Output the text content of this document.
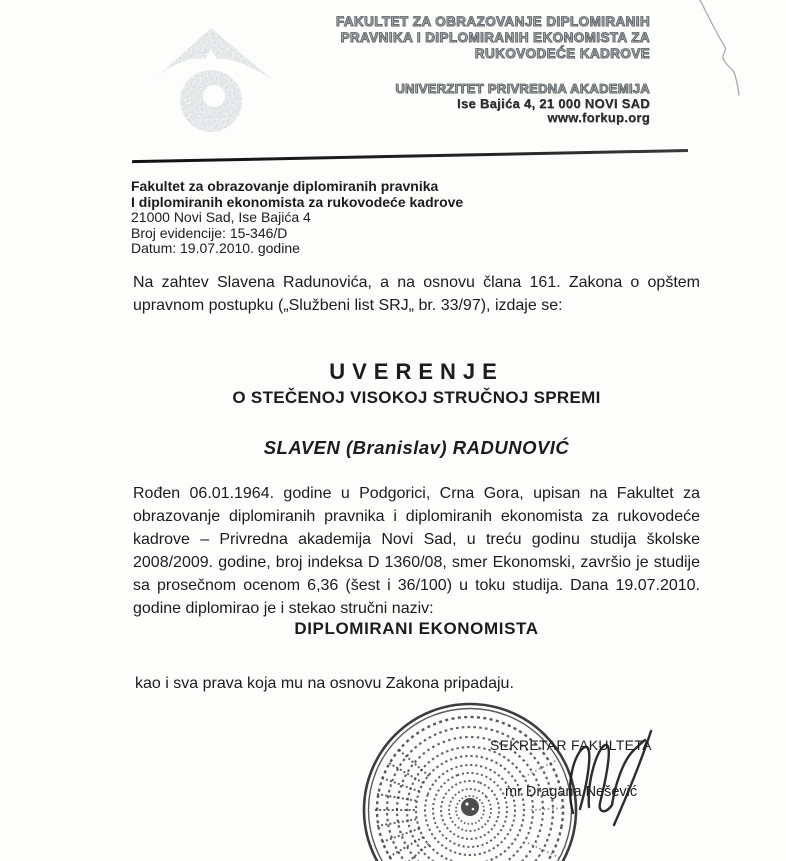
FAKULTET ZA OBRAZOVANJE DIPLOMIRANIH
PRAVNIKA I DIPLOMIRANIH EKONOMISTA ZA
RUKOVODEĆE KADROVE
UNIVERZITET PRIVREDNA AKADEMIJA
Ise Bajića 4, 21 000 NOVI SAD
www.forkup.org
Fakultet za obrazovanje diplomiranih pravnika
I diplomiranih ekonomista za rukovodeće kadrove
21000 Novi Sad, Ise Bajića 4
Broj evidencije: 15-346/D
Datum: 19.07.2010. godine
Na zahtev Slavena Radunovića, a na osnovu člana 161. Zakona o opštem upravnom postupku („Službeni list SRJ„ br. 33/97), izdaje se:
UVERENJE
O STEČENOJ VISOKOJ STRUČNOJ SPREMI
SLAVEN (Branislav) RADUNOVIĆ
Rođen 06.01.1964. godine u Podgorici, Crna Gora, upisan na Fakultet za obrazovanje diplomiranih pravnika i diplomiranih ekonomista za rukovodeće kadrove – Privredna akademija Novi Sad, u treću godinu studija školske 2008/2009. godine, broj indeksa D 1360/08, smer Ekonomski, završio je studije sa prosečnom ocenom 6,36 (šest i 36/100) u toku studija. Dana 19.07.2010. godine diplomirao je i stekao stručni naziv:
DIPLOMIRANI EKONOMISTA
kao i sva prava koja mu na osnovu Zakona pripadaju.
SEKRETAR FAKULTETA
mr Dragana Nešević
